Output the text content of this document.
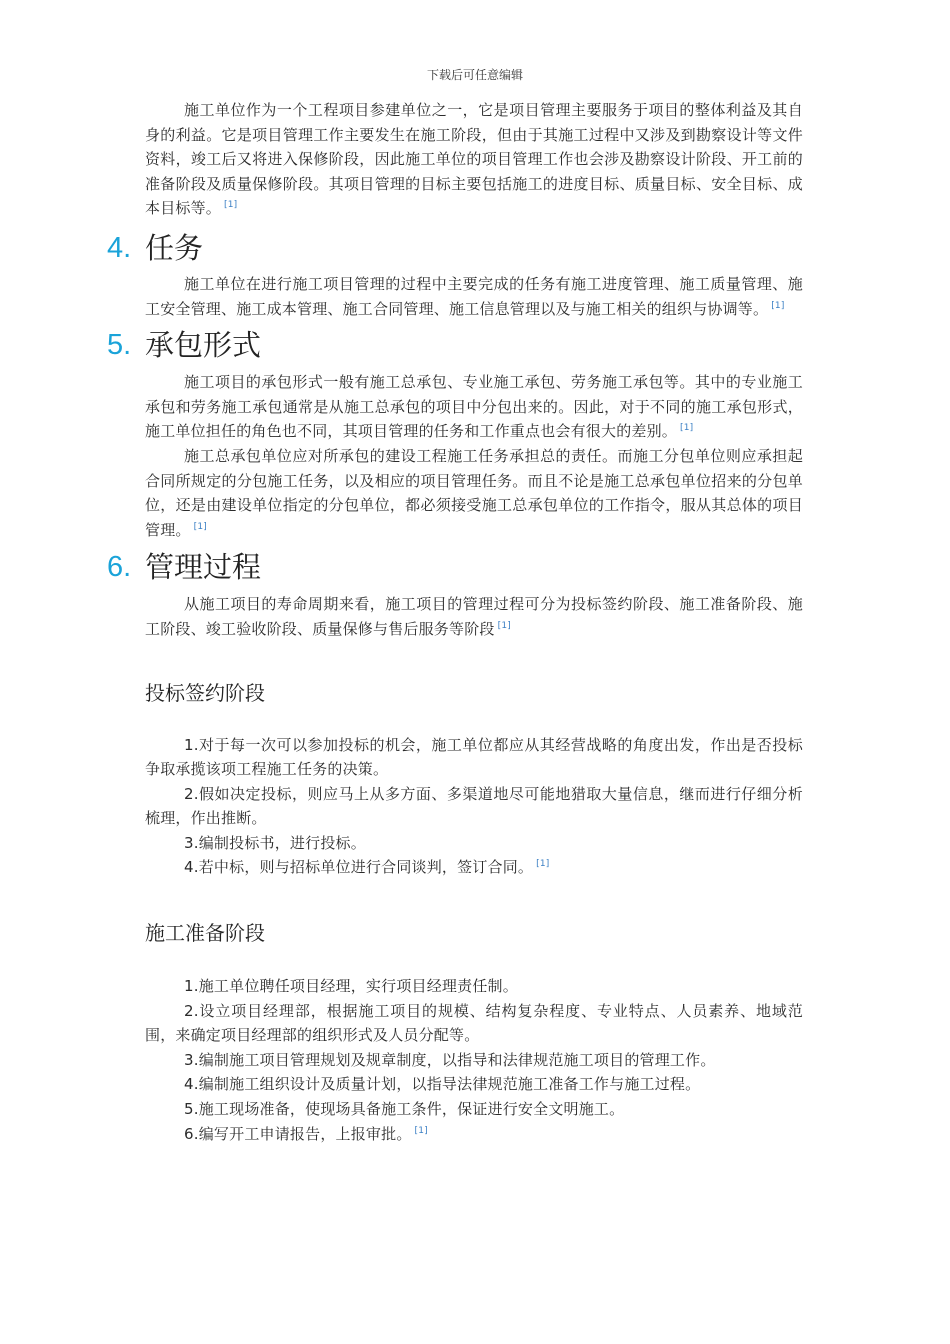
下载后可任意编辑

施工单位作为一个工程项目参建单位之一，它是项目管理主要服务于项目的整体利益及其自身的利益。它是项目管理工作主要发生在施工阶段，但由于其施工过程中又涉及到勘察设计等文件资料，竣工后又将进入保修阶段，因此施工单位的项目管理工作也会涉及勘察设计阶段、开工前的准备阶段及质量保修阶段。其项目管理的目标主要包括施工的进度目标、质量目标、安全目标、成本目标等。 [1]

4. 任务

施工单位在进行施工项目管理的过程中主要完成的任务有施工进度管理、施工质量管理、施工安全管理、施工成本管理、施工合同管理、施工信息管理以及与施工相关的组织与协调等。 [1]

5. 承包形式

施工项目的承包形式一般有施工总承包、专业施工承包、劳务施工承包等。其中的专业施工承包和劳务施工承包通常是从施工总承包的项目中分包出来的。因此，对于不同的施工承包形式，施工单位担任的角色也不同，其项目管理的任务和工作重点也会有很大的差别。 [1]

施工总承包单位应对所承包的建设工程施工任务承担总的责任。而施工分包单位则应承担起合同所规定的分包施工任务，以及相应的项目管理任务。而且不论是施工总承包单位招来的分包单位，还是由建设单位指定的分包单位，都必须接受施工总承包单位的工作指令，服从其总体的项目管理。 [1]

6. 管理过程

从施工项目的寿命周期来看，施工项目的管理过程可分为投标签约阶段、施工准备阶段、施工阶段、竣工验收阶段、质量保修与售后服务等阶段 [1]

投标签约阶段

1.对于每一次可以参加投标的机会，施工单位都应从其经营战略的角度出发，作出是否投标争取承揽该项工程施工任务的决策。

2.假如决定投标，则应马上从多方面、多渠道地尽可能地猎取大量信息，继而进行仔细分析梳理，作出推断。

3.编制投标书，进行投标。

4.若中标，则与招标单位进行合同谈判，签订合同。 [1]

施工准备阶段

1.施工单位聘任项目经理，实行项目经理责任制。

2.设立项目经理部，根据施工项目的规模、结构复杂程度、专业特点、人员素养、地域范围，来确定项目经理部的组织形式及人员分配等。

3.编制施工项目管理规划及规章制度，以指导和法律规范施工项目的管理工作。

4.编制施工组织设计及质量计划，以指导法律规范施工准备工作与施工过程。

5.施工现场准备，使现场具备施工条件，保证进行安全文明施工。

6.编写开工申请报告，上报审批。 [1]
